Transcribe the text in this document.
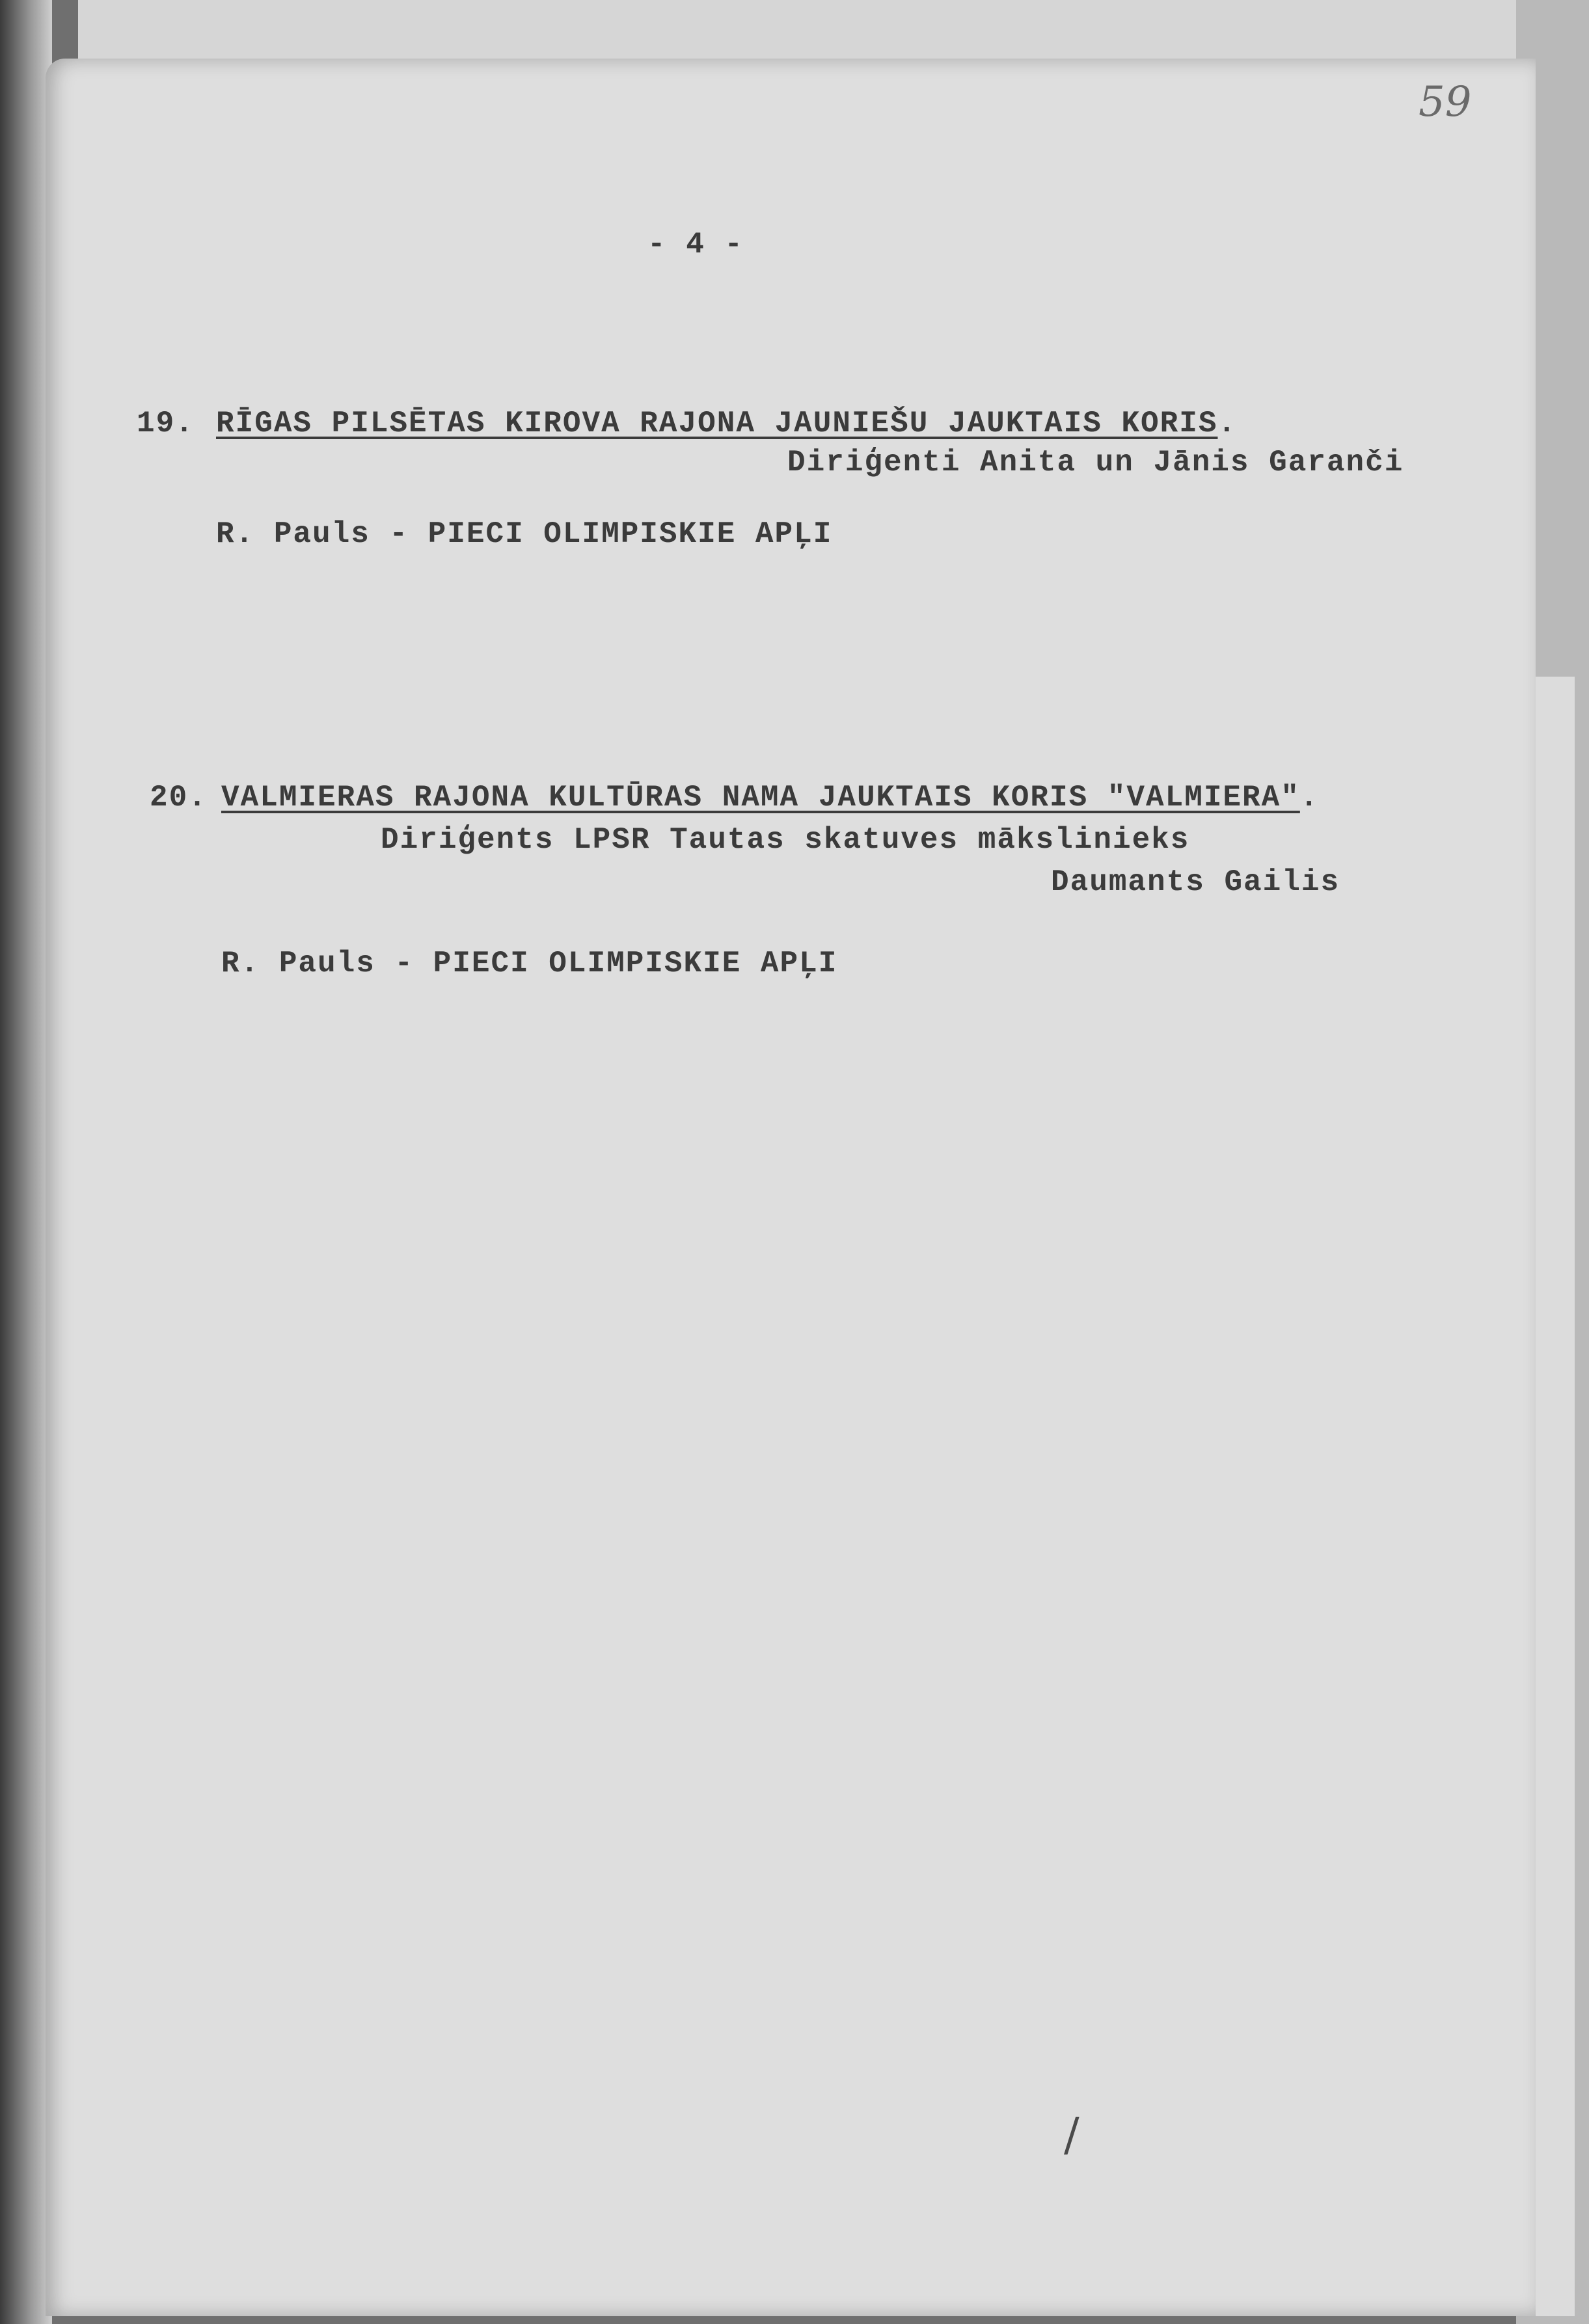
59
- 4 -
19. RĪGAS PILSĒTAS KIROVA RAJONA JAUNIEŠU JAUKTAIS KORIS.
Diriģenti Anita un Jānis Garanči
R. Pauls - PIECI OLIMPISKIE APĻI
20. VALMIERAS RAJONA KULTŪRAS NAMA JAUKTAIS KORIS "VALMIERA".
Diriģents LPSR Tautas skatuves mākslinieks
Daumants Gailis
R. Pauls - PIECI OLIMPISKIE APĻI
/
